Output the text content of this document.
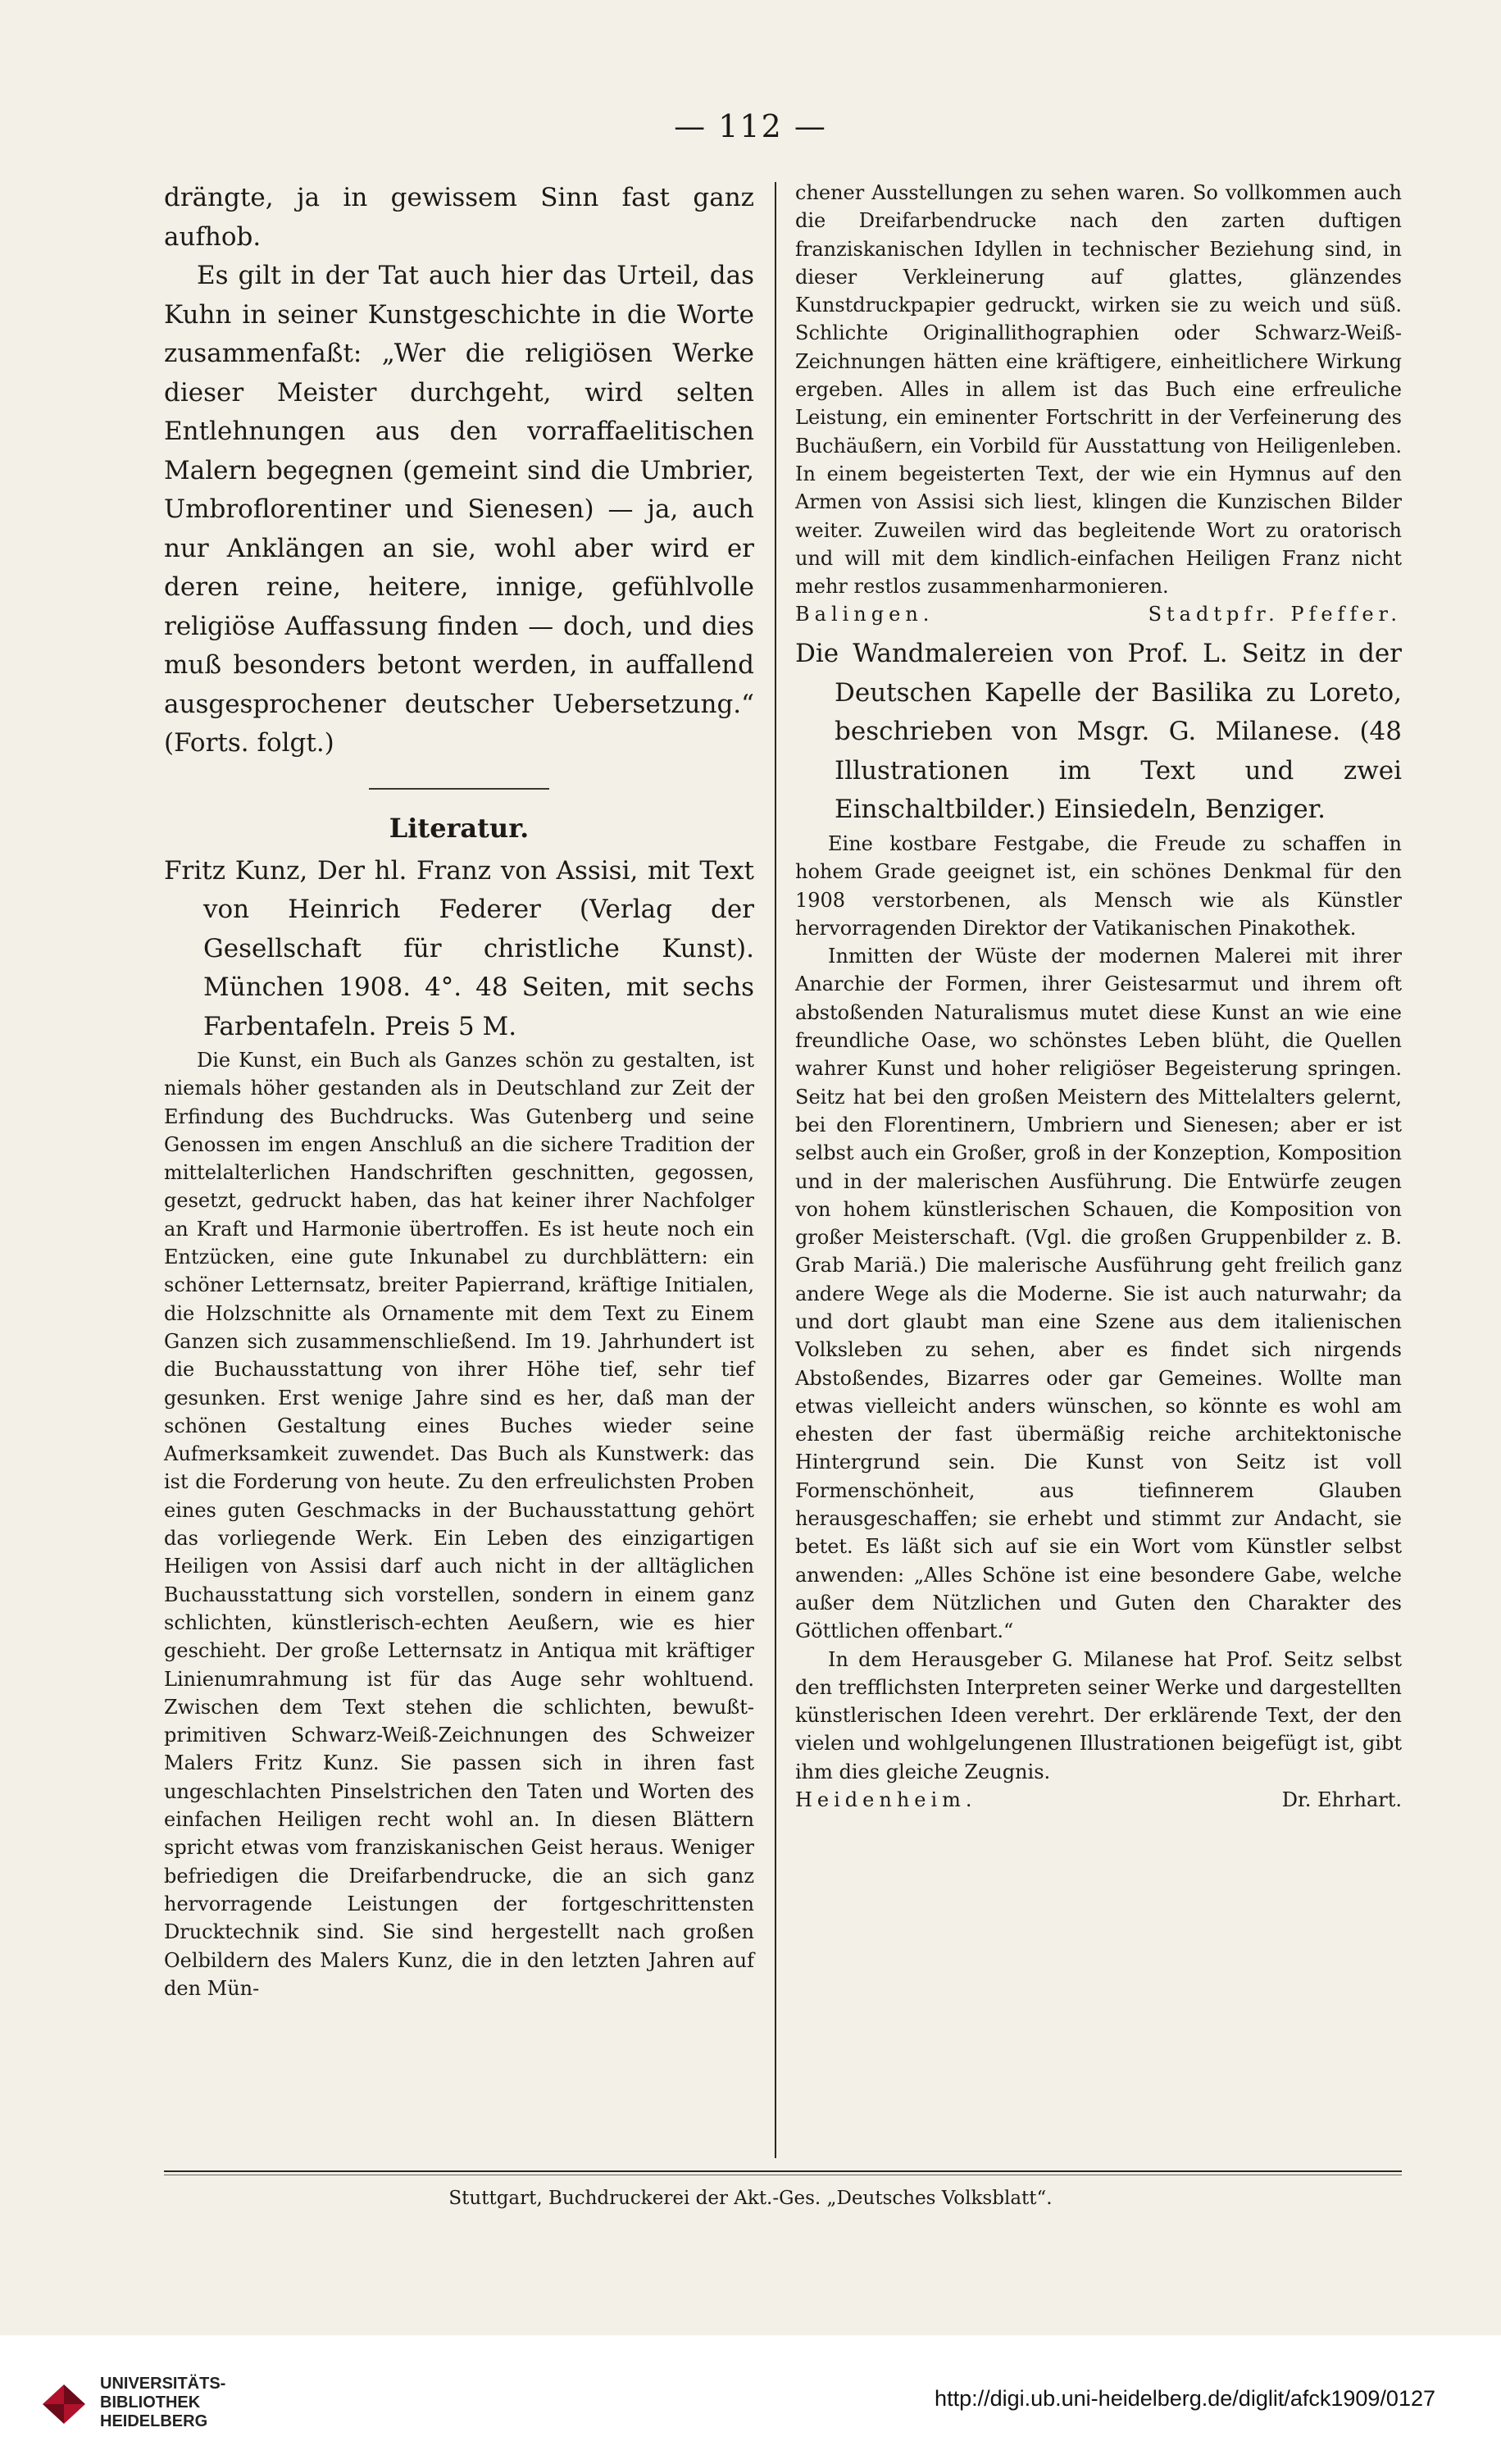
— 112 —

drängte, ja in gewissem Sinn fast ganz aufhob.

Es gilt in der Tat auch hier das Urteil, das Kuhn in seiner Kunstgeschichte in die Worte zusammenfaßt: „Wer die religiösen Werke dieser Meister durchgeht, wird selten Entlehnungen aus den vorraffaelitischen Malern begegnen (gemeint sind die Umbrier, Umbroflorentiner und Sienesen) — ja, auch nur Anklängen an sie, wohl aber wird er deren reine, heitere, innige, gefühlvolle religiöse Auffassung finden — doch, und dies muß besonders betont werden, in auffallend ausgesprochener deutscher Uebersetzung.“ (Forts. folgt.)

Literatur.

Fritz Kunz, Der hl. Franz von Assisi, mit Text von Heinrich Federer (Verlag der Gesellschaft für christliche Kunst). München 1908. 4°. 48 Seiten, mit sechs Farbentafeln. Preis 5 M.

Die Kunst, ein Buch als Ganzes schön zu gestalten, ist niemals höher gestanden als in Deutschland zur Zeit der Erfindung des Buchdrucks. Was Gutenberg und seine Genossen im engen Anschluß an die sichere Tradition der mittelalterlichen Handschriften geschnitten, gegossen, gesetzt, gedruckt haben, das hat keiner ihrer Nachfolger an Kraft und Harmonie übertroffen. Es ist heute noch ein Entzücken, eine gute Inkunabel zu durchblättern: ein schöner Letternsatz, breiter Papierrand, kräftige Initialen, die Holzschnitte als Ornamente mit dem Text zu Einem Ganzen sich zusammenschließend. Im 19. Jahrhundert ist die Buchausstattung von ihrer Höhe tief, sehr tief gesunken. Erst wenige Jahre sind es her, daß man der schönen Gestaltung eines Buches wieder seine Aufmerksamkeit zuwendet. Das Buch als Kunstwerk: das ist die Forderung von heute. Zu den erfreulichsten Proben eines guten Geschmacks in der Buchausstattung gehört das vorliegende Werk. Ein Leben des einzigartigen Heiligen von Assisi darf auch nicht in der alltäglichen Buchausstattung sich vorstellen, sondern in einem ganz schlichten, künstlerisch-echten Aeußern, wie es hier geschieht. Der große Letternsatz in Antiqua mit kräftiger Linienumrahmung ist für das Auge sehr wohltuend. Zwischen dem Text stehen die schlichten, bewußt-primitiven Schwarz-Weiß-Zeichnungen des Schweizer Malers Fritz Kunz. Sie passen sich in ihren fast ungeschlachten Pinselstrichen den Taten und Worten des einfachen Heiligen recht wohl an. In diesen Blättern spricht etwas vom franziskanischen Geist heraus. Weniger befriedigen die Dreifarbendrucke, die an sich ganz hervorragende Leistungen der fortgeschrittensten Drucktechnik sind. Sie sind hergestellt nach großen Oelbildern des Malers Kunz, die in den letzten Jahren auf den Mün-

chener Ausstellungen zu sehen waren. So vollkommen auch die Dreifarbendrucke nach den zarten duftigen franziskanischen Idyllen in technischer Beziehung sind, in dieser Verkleinerung auf glattes, glänzendes Kunstdruckpapier gedruckt, wirken sie zu weich und süß. Schlichte Originallithographien oder Schwarz-Weiß-Zeichnungen hätten eine kräftigere, einheitlichere Wirkung ergeben. Alles in allem ist das Buch eine erfreuliche Leistung, ein eminenter Fortschritt in der Verfeinerung des Buchäußern, ein Vorbild für Ausstattung von Heiligenleben. In einem begeisterten Text, der wie ein Hymnus auf den Armen von Assisi sich liest, klingen die Kunzischen Bilder weiter. Zuweilen wird das begleitende Wort zu oratorisch und will mit dem kindlich-einfachen Heiligen Franz nicht mehr restlos zusammenharmonieren.

Balingen.	Stadtpfr. Pfeffer.

Die Wandmalereien von Prof. L. Seitz in der Deutschen Kapelle der Basilika zu Loreto, beschrieben von Msgr. G. Milanese. (48 Illustrationen im Text und zwei Einschaltbilder.) Einsiedeln, Benziger.

Eine kostbare Festgabe, die Freude zu schaffen in hohem Grade geeignet ist, ein schönes Denkmal für den 1908 verstorbenen, als Mensch wie als Künstler hervorragenden Direktor der Vatikanischen Pinakothek.

Inmitten der Wüste der modernen Malerei mit ihrer Anarchie der Formen, ihrer Geistesarmut und ihrem oft abstoßenden Naturalismus mutet diese Kunst an wie eine freundliche Oase, wo schönstes Leben blüht, die Quellen wahrer Kunst und hoher religiöser Begeisterung springen. Seitz hat bei den großen Meistern des Mittelalters gelernt, bei den Florentinern, Umbriern und Sienesen; aber er ist selbst auch ein Großer, groß in der Konzeption, Komposition und in der malerischen Ausführung. Die Entwürfe zeugen von hohem künstlerischen Schauen, die Komposition von großer Meisterschaft. (Vgl. die großen Gruppenbilder z. B. Grab Mariä.) Die malerische Ausführung geht freilich ganz andere Wege als die Moderne. Sie ist auch naturwahr; da und dort glaubt man eine Szene aus dem italienischen Volksleben zu sehen, aber es findet sich nirgends Abstoßendes, Bizarres oder gar Gemeines. Wollte man etwas vielleicht anders wünschen, so könnte es wohl am ehesten der fast übermäßig reiche architektonische Hintergrund sein. Die Kunst von Seitz ist voll Formenschönheit, aus tiefinnerem Glauben herausgeschaffen; sie erhebt und stimmt zur Andacht, sie betet. Es läßt sich auf sie ein Wort vom Künstler selbst anwenden: „Alles Schöne ist eine besondere Gabe, welche außer dem Nützlichen und Guten den Charakter des Göttlichen offenbart.“

In dem Herausgeber G. Milanese hat Prof. Seitz selbst den trefflichsten Interpreten seiner Werke und dargestellten künstlerischen Ideen verehrt. Der erklärende Text, der den vielen und wohlgelungenen Illustrationen beigefügt ist, gibt ihm dies gleiche Zeugnis.

Heidenheim.	Dr. Ehrhart.
Stuttgart, Buchdruckerei der Akt.-Ges. „Deutsches Volksblatt“.
UNIVERSITÄTS-
BIBLIOTHEK
HEIDELBERG
http://digi.ub.uni-heidelberg.de/diglit/afck1909/0127
